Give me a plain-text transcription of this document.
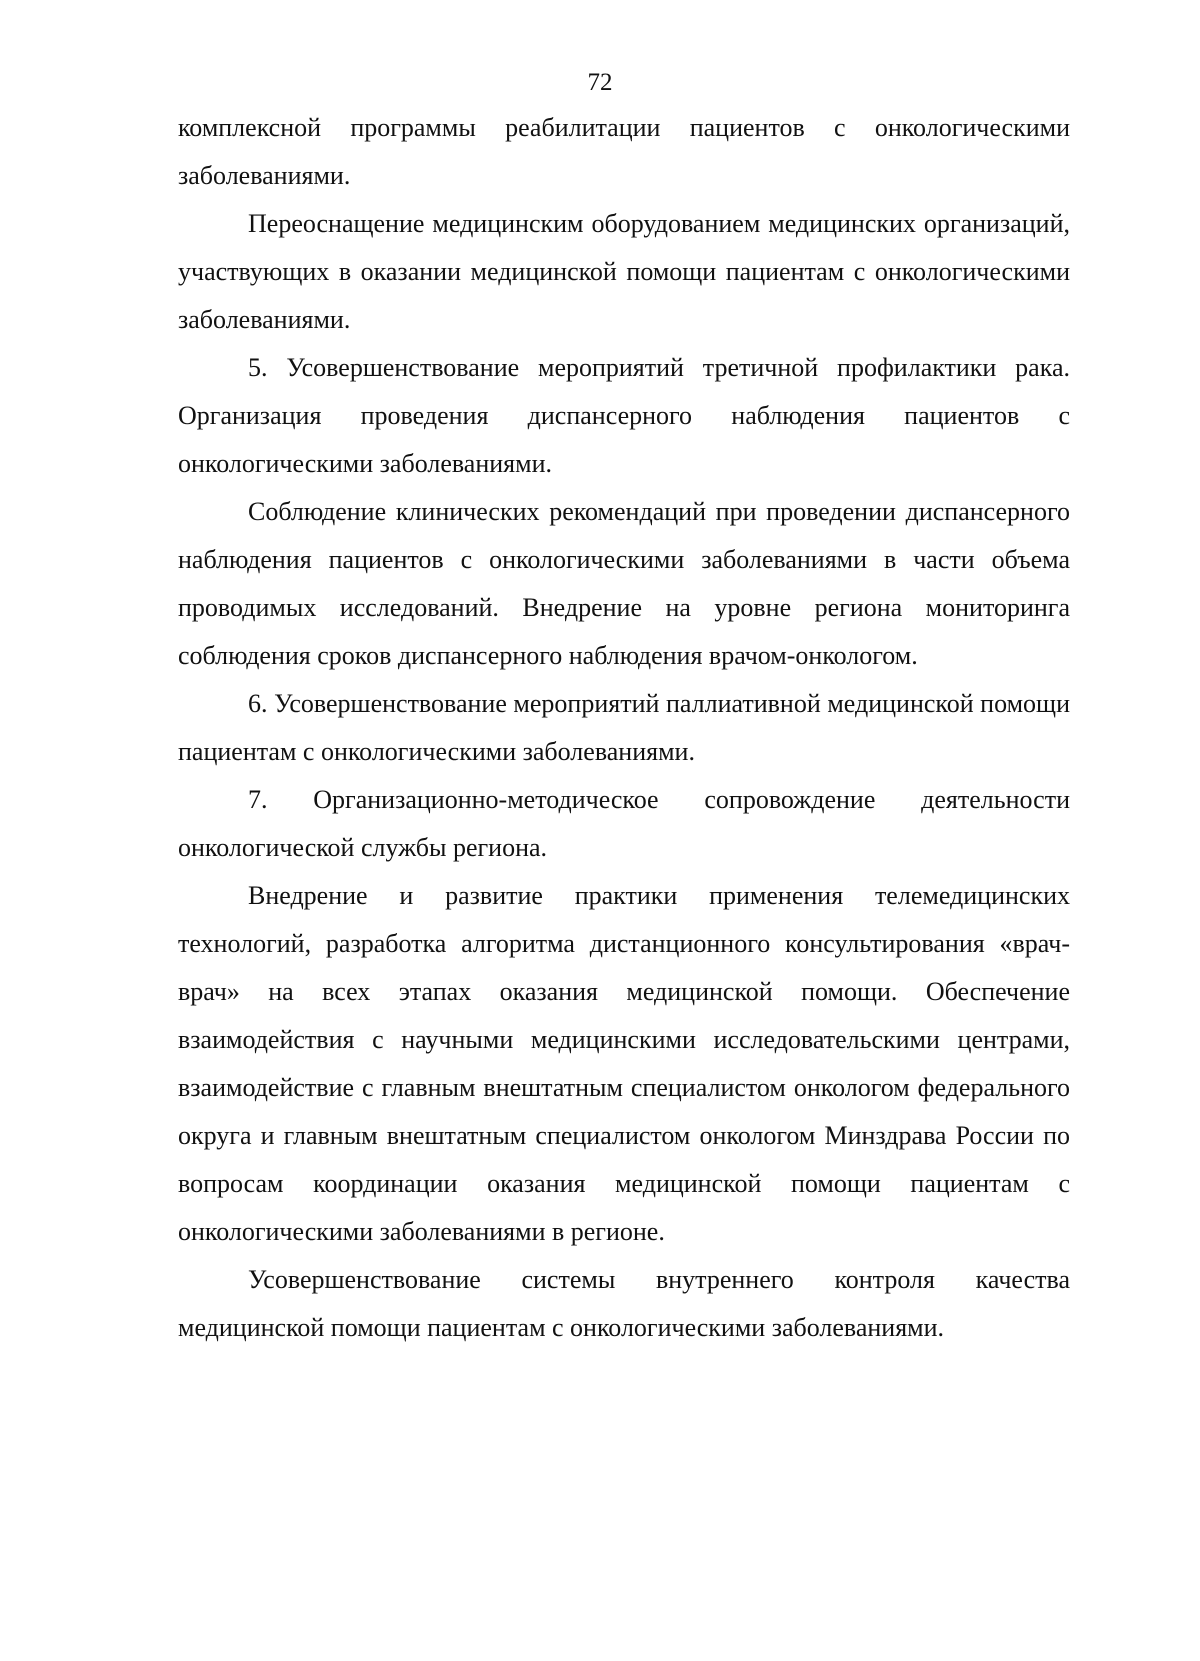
72

комплексной программы реабилитации пациентов с онкологическими заболеваниями.

Переоснащение медицинским оборудованием медицинских организаций, участвующих в оказании медицинской помощи пациентам с онкологическими заболеваниями.

5. Усовершенствование мероприятий третичной профилактики рака. Организация проведения диспансерного наблюдения пациентов с онкологическими заболеваниями.

Соблюдение клинических рекомендаций при проведении диспансерного наблюдения пациентов с онкологическими заболеваниями в части объема проводимых исследований. Внедрение на уровне региона мониторинга соблюдения сроков диспансерного наблюдения врачом-онкологом.

6. Усовершенствование мероприятий паллиативной медицинской помощи пациентам с онкологическими заболеваниями.

7. Организационно-методическое сопровождение деятельности онкологической службы региона.

Внедрение и развитие практики применения телемедицинских технологий, разработка алгоритма дистанционного консультирования «врач-врач» на всех этапах оказания медицинской помощи. Обеспечение взаимодействия с научными медицинскими исследовательскими центрами, взаимодействие с главным внештатным специалистом онкологом федерального округа и главным внештатным специалистом онкологом Минздрава России по вопросам координации оказания медицинской помощи пациентам с онкологическими заболеваниями в регионе.

Усовершенствование системы внутреннего контроля качества медицинской помощи пациентам с онкологическими заболеваниями.
